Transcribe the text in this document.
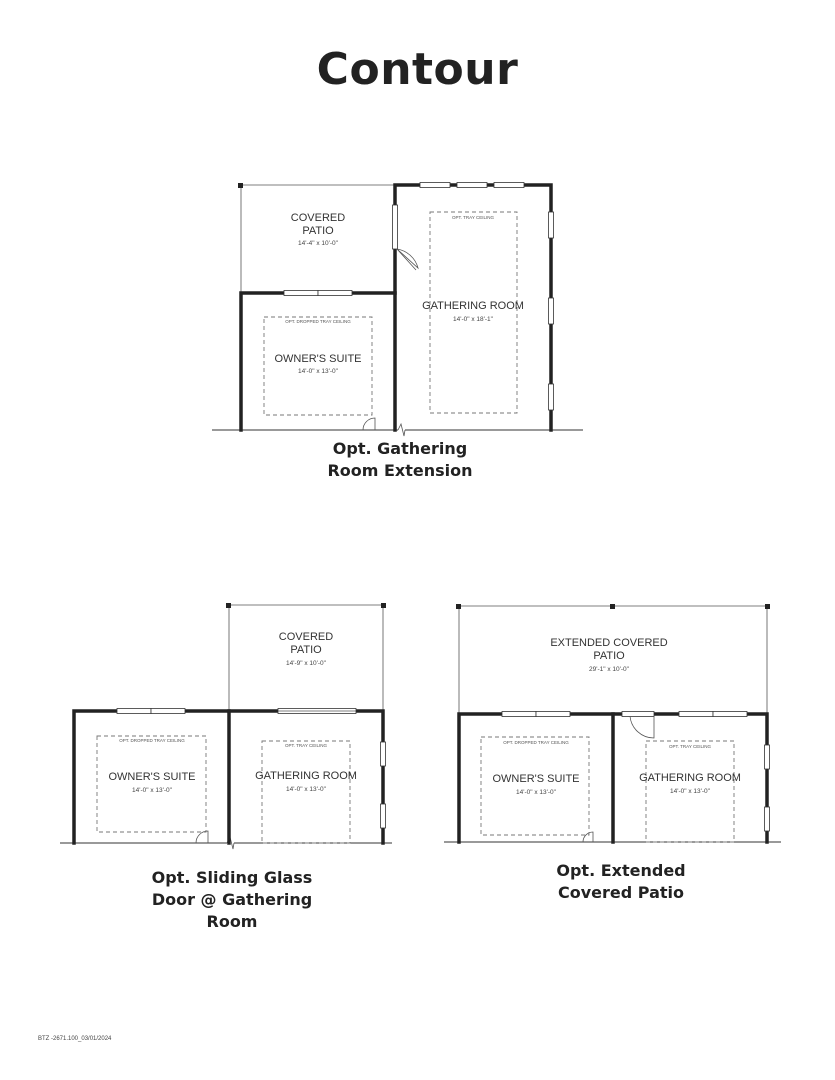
Contour
COVERED
PATIO
14'-4" x 10'-0"
OPT. DROPPED TRAY CEILING
OWNER'S SUITE
14'-0" x 13'-0"
OPT. TRAY CEILING
GATHERING ROOM
14'-0" x 18'-1"
COVERED
PATIO
14'-9" x 10'-0"
OPT. DROPPED TRAY CEILING
OWNER'S SUITE
14'-0" x 13'-0"
OPT. TRAY CEILING
GATHERING ROOM
14'-0" x 13'-0"
EXTENDED COVERED
PATIO
29'-1" x 10'-0"
OPT. DROPPED TRAY CEILING
OWNER'S SUITE
14'-0" x 13'-0"
OPT. TRAY CEILING
GATHERING ROOM
14'-0" x 13'-0"
Opt. Gathering
Room Extension
Opt. Sliding Glass
Door @ Gathering
Room
Opt. Extended
Covered Patio
BTZ -2671.100_03/01/2024
